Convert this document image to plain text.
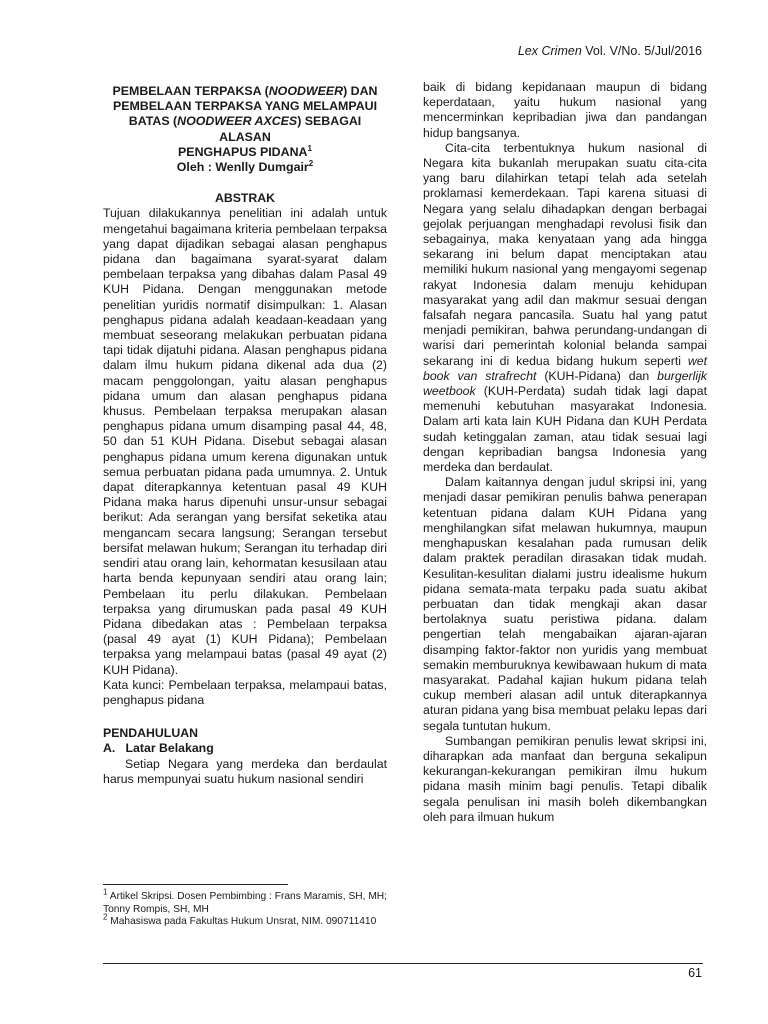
Lex Crimen Vol. V/No. 5/Jul/2016
PEMBELAAN TERPAKSA (NOODWEER) DAN
PEMBELAAN TERPAKSA YANG MELAMPAUI
BATAS (NOODWEER AXCES) SEBAGAI ALASAN
PENGHAPUS PIDANA$^1$
Oleh : Wenlly Dumgair$^2$
ABSTRAK

Tujuan dilakukannya penelitian ini adalah untuk mengetahui bagaimana kriteria pembelaan terpaksa yang dapat dijadikan sebagai alasan penghapus pidana dan bagaimana syarat-syarat dalam pembelaan terpaksa yang dibahas dalam Pasal 49 KUH Pidana. Dengan menggunakan metode penelitian yuridis normatif disimpulkan: 1. Alasan penghapus pidana adalah keadaan-keadaan yang membuat seseorang melakukan perbuatan pidana tapi tidak dijatuhi pidana. Alasan penghapus pidana dalam ilmu hukum pidana dikenal ada dua (2) macam penggolongan, yaitu alasan penghapus pidana umum dan alasan penghapus pidana khusus. Pembelaan terpaksa merupakan alasan penghapus pidana umum disamping pasal 44, 48, 50 dan 51 KUH Pidana. Disebut sebagai alasan penghapus pidana umum kerena digunakan untuk semua perbuatan pidana pada umumnya. 2. Untuk dapat diterapkannya ketentuan pasal 49 KUH Pidana maka harus dipenuhi unsur-unsur sebagai berikut: Ada serangan yang bersifat seketika atau mengancam secara langsung; Serangan tersebut bersifat melawan hukum; Serangan itu terhadap diri sendiri atau orang lain, kehormatan kesusilaan atau harta benda kepunyaan sendiri atau orang lain; Pembelaan itu perlu dilakukan. Pembelaan terpaksa yang dirumuskan pada pasal 49 KUH Pidana dibedakan atas : Pembelaan terpaksa (pasal 49 ayat (1) KUH Pidana); Pembelaan terpaksa yang melampaui batas (pasal 49 ayat (2) KUH Pidana).

Kata kunci: Pembelaan terpaksa, melampaui batas, penghapus pidana

PENDAHULUAN
A.   Latar Belakang

Setiap Negara yang merdeka dan berdaulat harus mempunyai suatu hukum nasional sendiri

$^1$ Artikel Skripsi. Dosen Pembimbing : Frans Maramis, SH, MH; Tonny Rompis, SH, MH

$^2$ Mahasiswa pada Fakultas Hukum Unsrat, NIM. 090711410

baik di bidang kepidanaan maupun di bidang keperdataan, yaitu hukum nasional yang mencerminkan kepribadian jiwa dan pandangan hidup bangsanya.

Cita-cita terbentuknya hukum nasional di Negara kita bukanlah merupakan suatu cita-cita yang baru dilahirkan tetapi telah ada setelah proklamasi kemerdekaan. Tapi karena situasi di Negara yang selalu dihadapkan dengan berbagai gejolak perjuangan menghadapi revolusi fisik dan sebagainya, maka kenyataan yang ada hingga sekarang ini belum dapat menciptakan atau memiliki hukum nasional yang mengayomi segenap rakyat Indonesia dalam menuju kehidupan masyarakat yang adil dan makmur sesuai dengan falsafah negara pancasila. Suatu hal yang patut menjadi pemikiran, bahwa perundang-undangan di warisi dari pemerintah kolonial belanda sampai sekarang ini di kedua bidang hukum seperti wet book van strafrecht (KUH-Pidana) dan burgerlijk weetbook (KUH-Perdata) sudah tidak lagi dapat memenuhi kebutuhan masyarakat Indonesia. Dalam arti kata lain KUH Pidana dan KUH Perdata sudah ketinggalan zaman, atau tidak sesuai lagi dengan kepribadian bangsa Indonesia yang merdeka dan berdaulat.

Dalam kaitannya dengan judul skripsi ini, yang menjadi dasar pemikiran penulis bahwa penerapan ketentuan pidana dalam KUH Pidana yang menghilangkan sifat melawan hukumnya, maupun menghapuskan kesalahan pada rumusan delik dalam praktek peradilan dirasakan tidak mudah. Kesulitan-kesulitan dialami justru idealisme hukum pidana semata-mata terpaku pada suatu akibat perbuatan dan tidak mengkaji akan dasar bertolaknya suatu peristiwa pidana. dalam pengertian telah mengabaikan ajaran-ajaran disamping faktor-faktor non yuridis yang membuat semakin memburuknya kewibawaan hukum di mata masyarakat. Padahal kajian hukum pidana telah cukup memberi alasan adil untuk diterapkannya aturan pidana yang bisa membuat pelaku lepas dari segala tuntutan hukum.

Sumbangan pemikiran penulis lewat skripsi ini, diharapkan ada manfaat dan berguna sekalipun kekurangan-kekurangan pemikiran ilmu hukum pidana masih minim bagi penulis. Tetapi dibalik segala penulisan ini masih boleh dikembangkan oleh para ilmuan hukum

61
